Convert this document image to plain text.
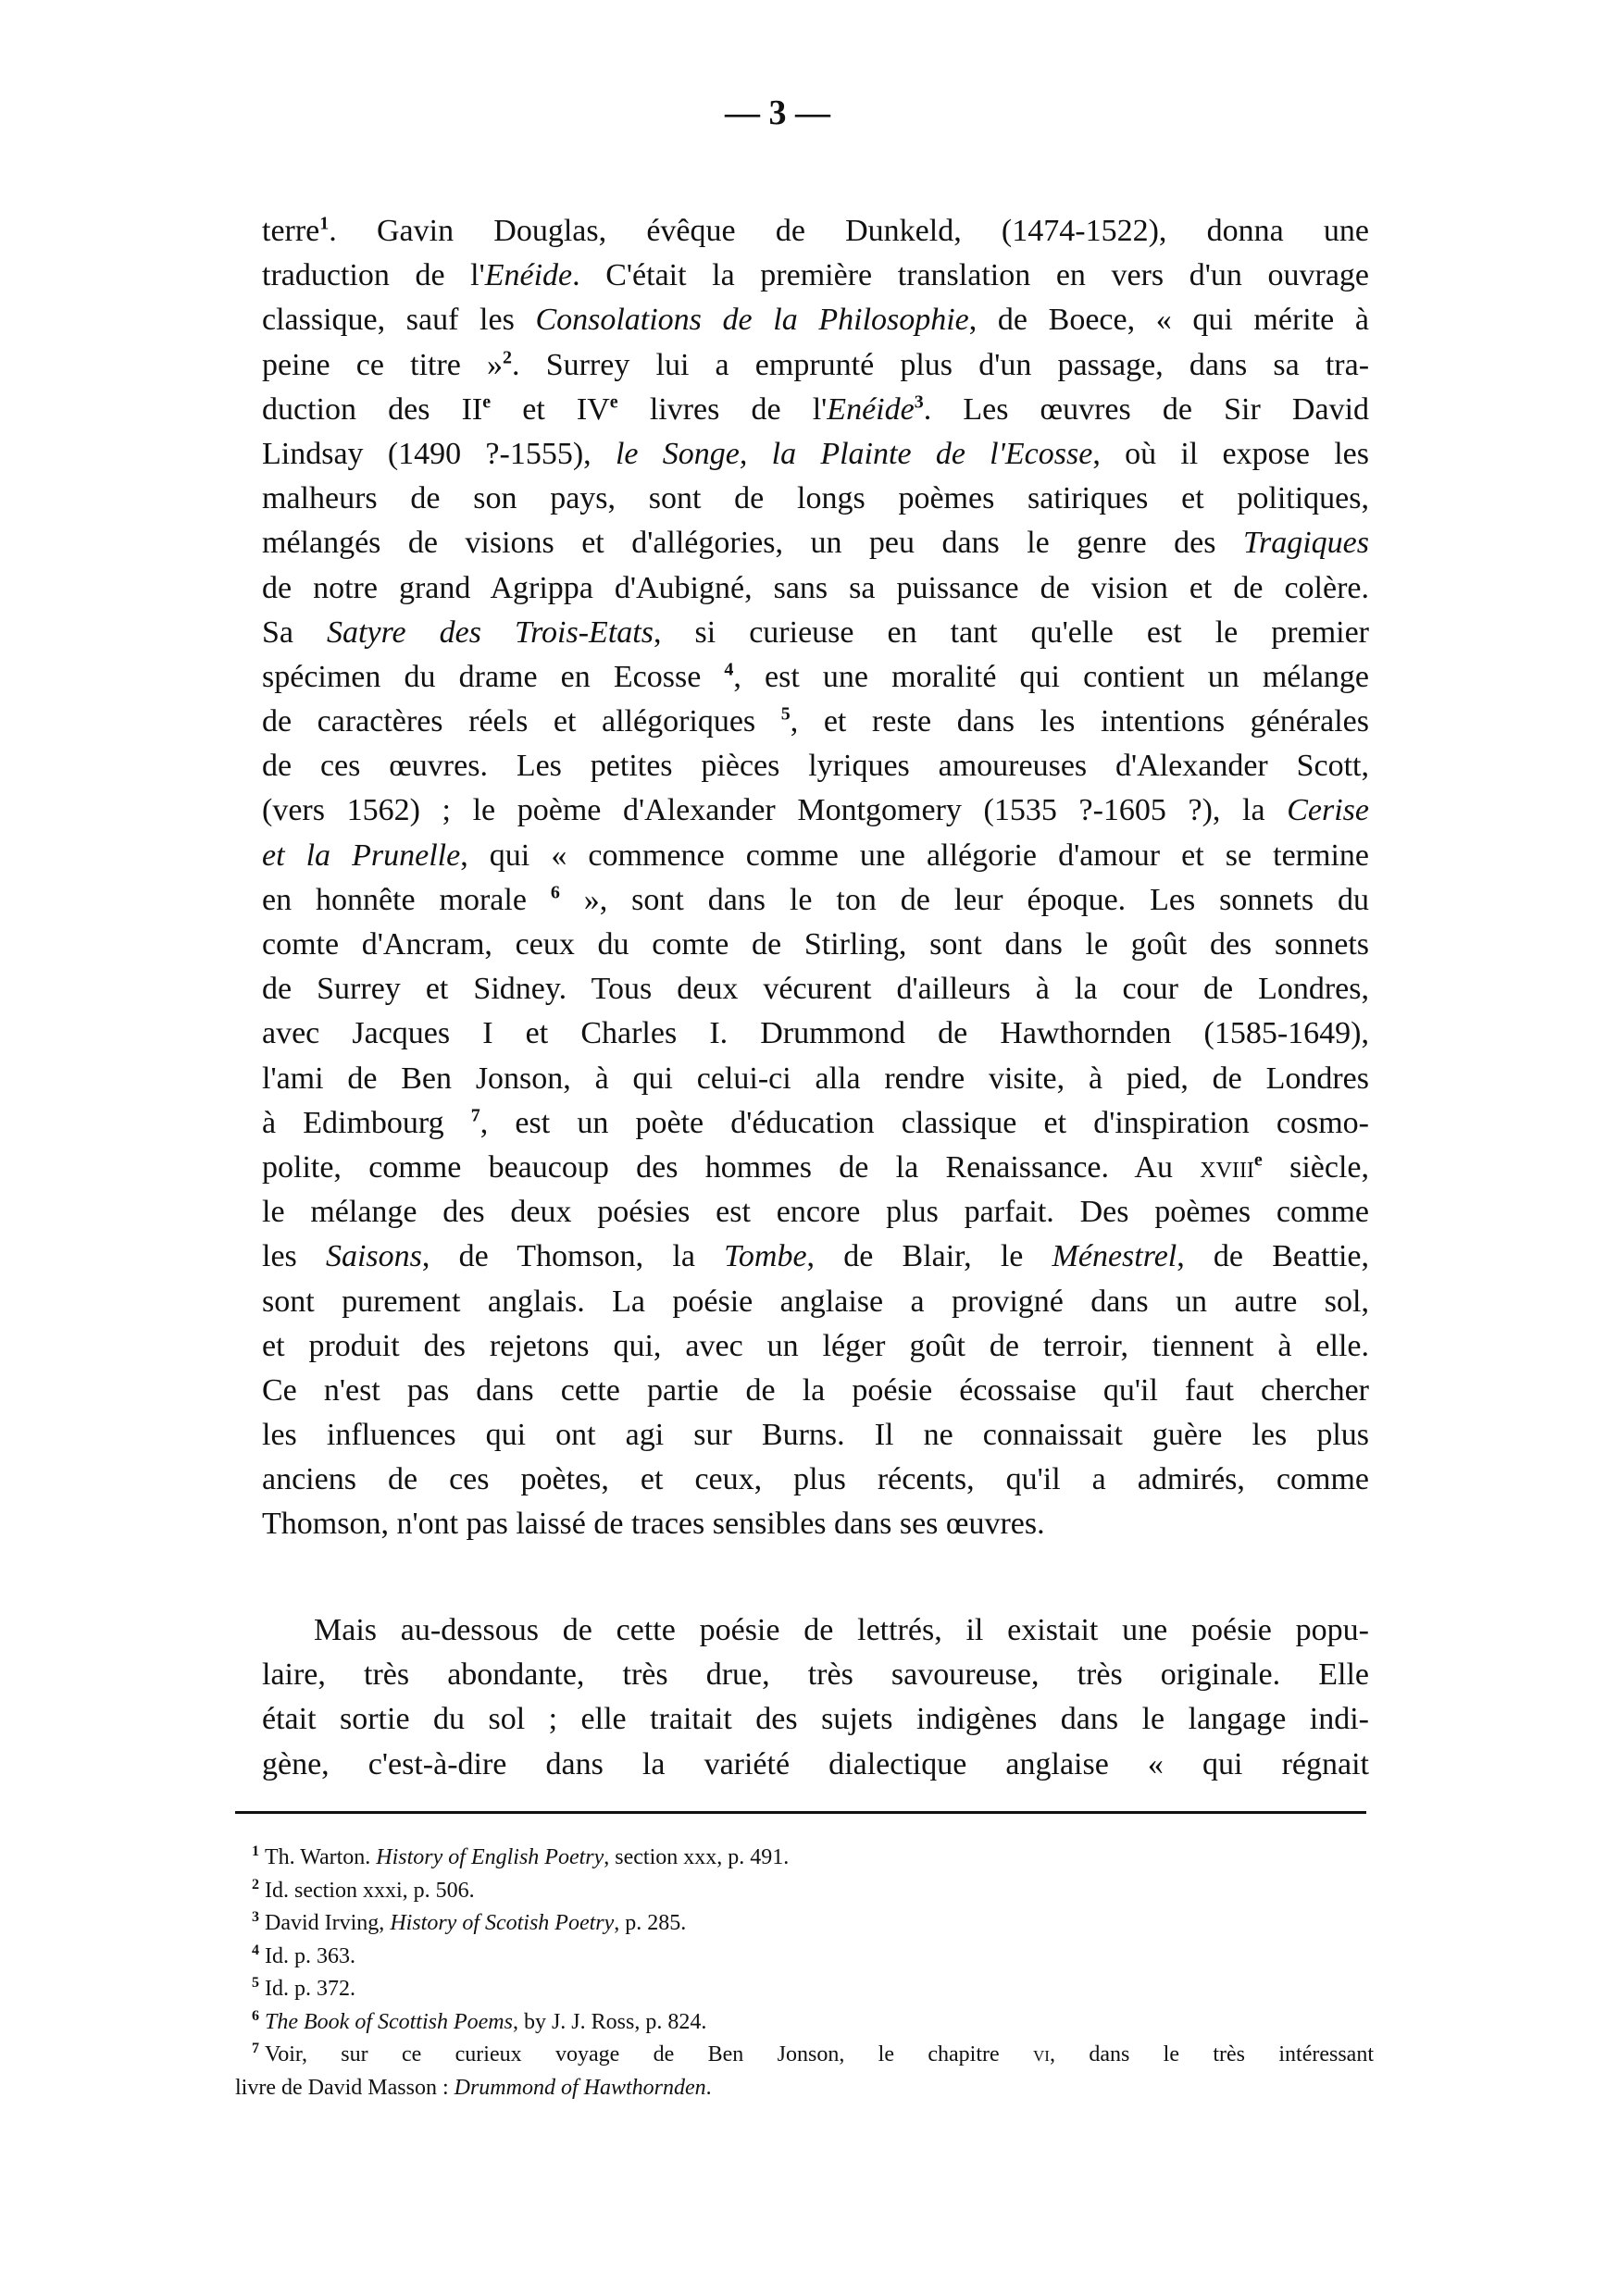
— 3 —
terre$^1$. Gavin Douglas, évêque de Dunkeld, (1474-1522), donna une
traduction de l'Enéide. C'était la première translation en vers d'un ouvrage
classique, sauf les Consolations de la Philosophie, de Boece, « qui mérite à
peine ce titre »$^2$. Surrey lui a emprunté plus d'un passage, dans sa tra-
duction des IIe et IVe livres de l'Enéide$^3$. Les œuvres de Sir David
Lindsay (1490 ?-1555), le Songe, la Plainte de l'Ecosse, où il expose les
malheurs de son pays, sont de longs poèmes satiriques et politiques,
mélangés de visions et d'allégories, un peu dans le genre des Tragiques
de notre grand Agrippa d'Aubigné, sans sa puissance de vision et de colère.
Sa Satyre des Trois-Etats, si curieuse en tant qu'elle est le premier
spécimen du drame en Ecosse $^4$, est une moralité qui contient un mélange
de caractères réels et allégoriques $^5$, et reste dans les intentions générales
de ces œuvres. Les petites pièces lyriques amoureuses d'Alexander Scott,
(vers 1562) ; le poème d'Alexander Montgomery (1535 ?-1605 ?), la Cerise
et la Prunelle, qui « commence comme une allégorie d'amour et se termine
en honnête morale $^6$ », sont dans le ton de leur époque. Les sonnets du
comte d'Ancram, ceux du comte de Stirling, sont dans le goût des sonnets
de Surrey et Sidney. Tous deux vécurent d'ailleurs à la cour de Londres,
avec Jacques I et Charles I. Drummond de Hawthornden (1585-1649),
l'ami de Ben Jonson, à qui celui-ci alla rendre visite, à pied, de Londres
à Edimbourg $^7$, est un poète d'éducation classique et d'inspiration cosmo-
polite, comme beaucoup des hommes de la Renaissance. Au xviii$^e$ siècle,
le mélange des deux poésies est encore plus parfait. Des poèmes comme
les Saisons, de Thomson, la Tombe, de Blair, le Ménestrel, de Beattie,
sont purement anglais. La poésie anglaise a provigné dans un autre sol,
et produit des rejetons qui, avec un léger goût de terroir, tiennent à elle.
Ce n'est pas dans cette partie de la poésie écossaise qu'il faut chercher
les influences qui ont agi sur Burns. Il ne connaissait guère les plus
anciens de ces poètes, et ceux, plus récents, qu'il a admirés, comme
Thomson, n'ont pas laissé de traces sensibles dans ses œuvres.
Mais au-dessous de cette poésie de lettrés, il existait une poésie popu-
laire, très abondante, très drue, très savoureuse, très originale. Elle
était sortie du sol ; elle traitait des sujets indigènes dans le langage indi-
gène, c'est-à-dire dans la variété dialectique anglaise « qui régnait
$^1$ Th. Warton. History of English Poetry, section xxx, p. 491.
$^2$ Id. section xxxi, p. 506.
$^3$ David Irving, History of Scotish Poetry, p. 285.
$^4$ Id. p. 363.
$^5$ Id. p. 372.
$^6$ The Book of Scottish Poems, by J. J. Ross, p. 824.
$^7$ Voir, sur ce curieux voyage de Ben Jonson, le chapitre vi, dans le très intéressant
livre de David Masson : Drummond of Hawthornden.
